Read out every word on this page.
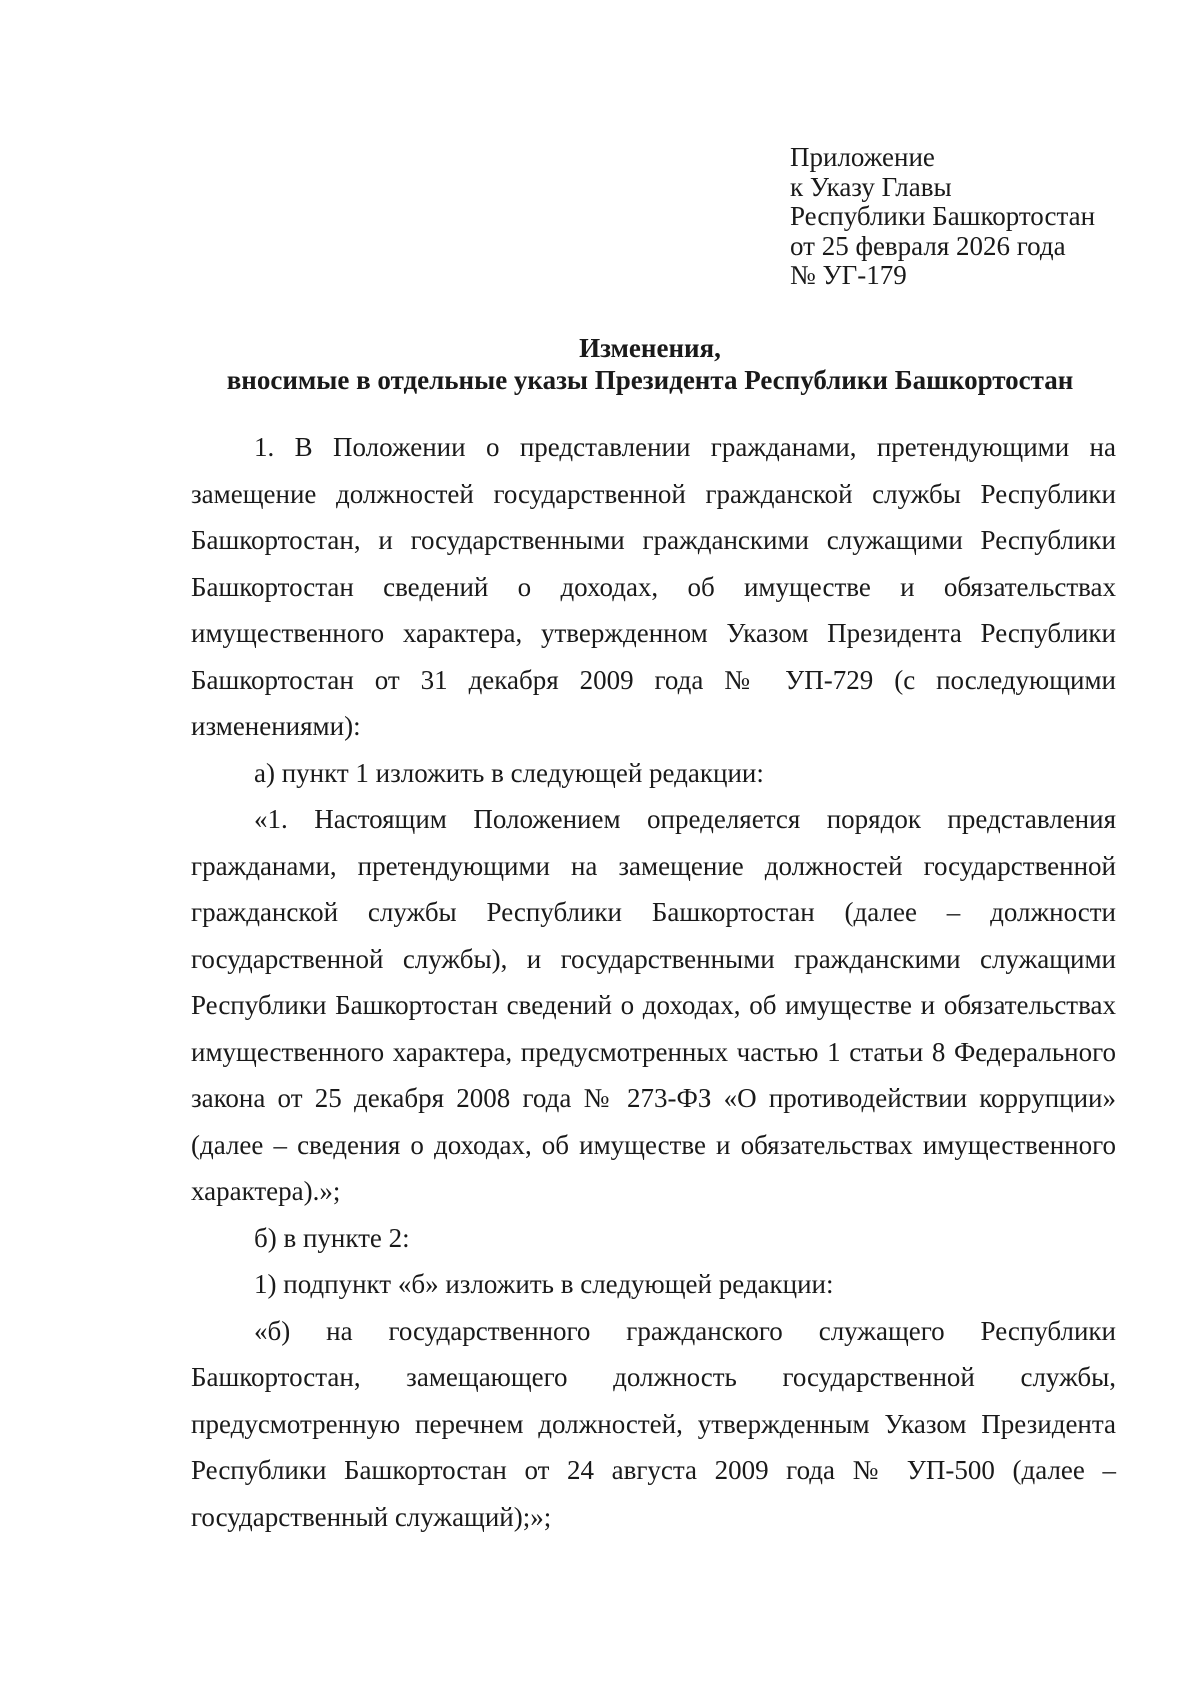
Приложение
к Указу Главы
Республики Башкортостан
от 25 февраля 2026 года
№ УГ-179
Изменения,
вносимые в отдельные указы Президента Республики Башкортостан

1. В Положении о представлении гражданами, претендующими на замещение должностей государственной гражданской службы Республики Башкортостан, и государственными гражданскими служащими Республики Башкортостан сведений о доходах, об имуществе и обязательствах имущественного характера, утвержденном Указом Президента Республики Башкортостан от 31 декабря 2009 года № УП-729 (с последующими изменениями):

а) пункт 1 изложить в следующей редакции:

«1. Настоящим Положением определяется порядок представления гражданами, претендующими на замещение должностей государственной гражданской службы Республики Башкортостан (далее – должности государственной службы), и государственными гражданскими служащими Республики Башкортостан сведений о доходах, об имуществе и обязательствах имущественного характера, предусмотренных частью 1 статьи 8 Федерального закона от 25 декабря 2008 года № 273-ФЗ «О противодействии коррупции» (далее – сведения о доходах, об имуществе и обязательствах имущественного характера).»;

б) в пункте 2:

1) подпункт «б» изложить в следующей редакции:

«б) на государственного гражданского служащего Республики Башкортостан, замещающего должность государственной службы, предусмотренную перечнем должностей, утвержденным Указом Президента Республики Башкортостан от 24 августа 2009 года № УП-500 (далее – государственный служащий);»;
